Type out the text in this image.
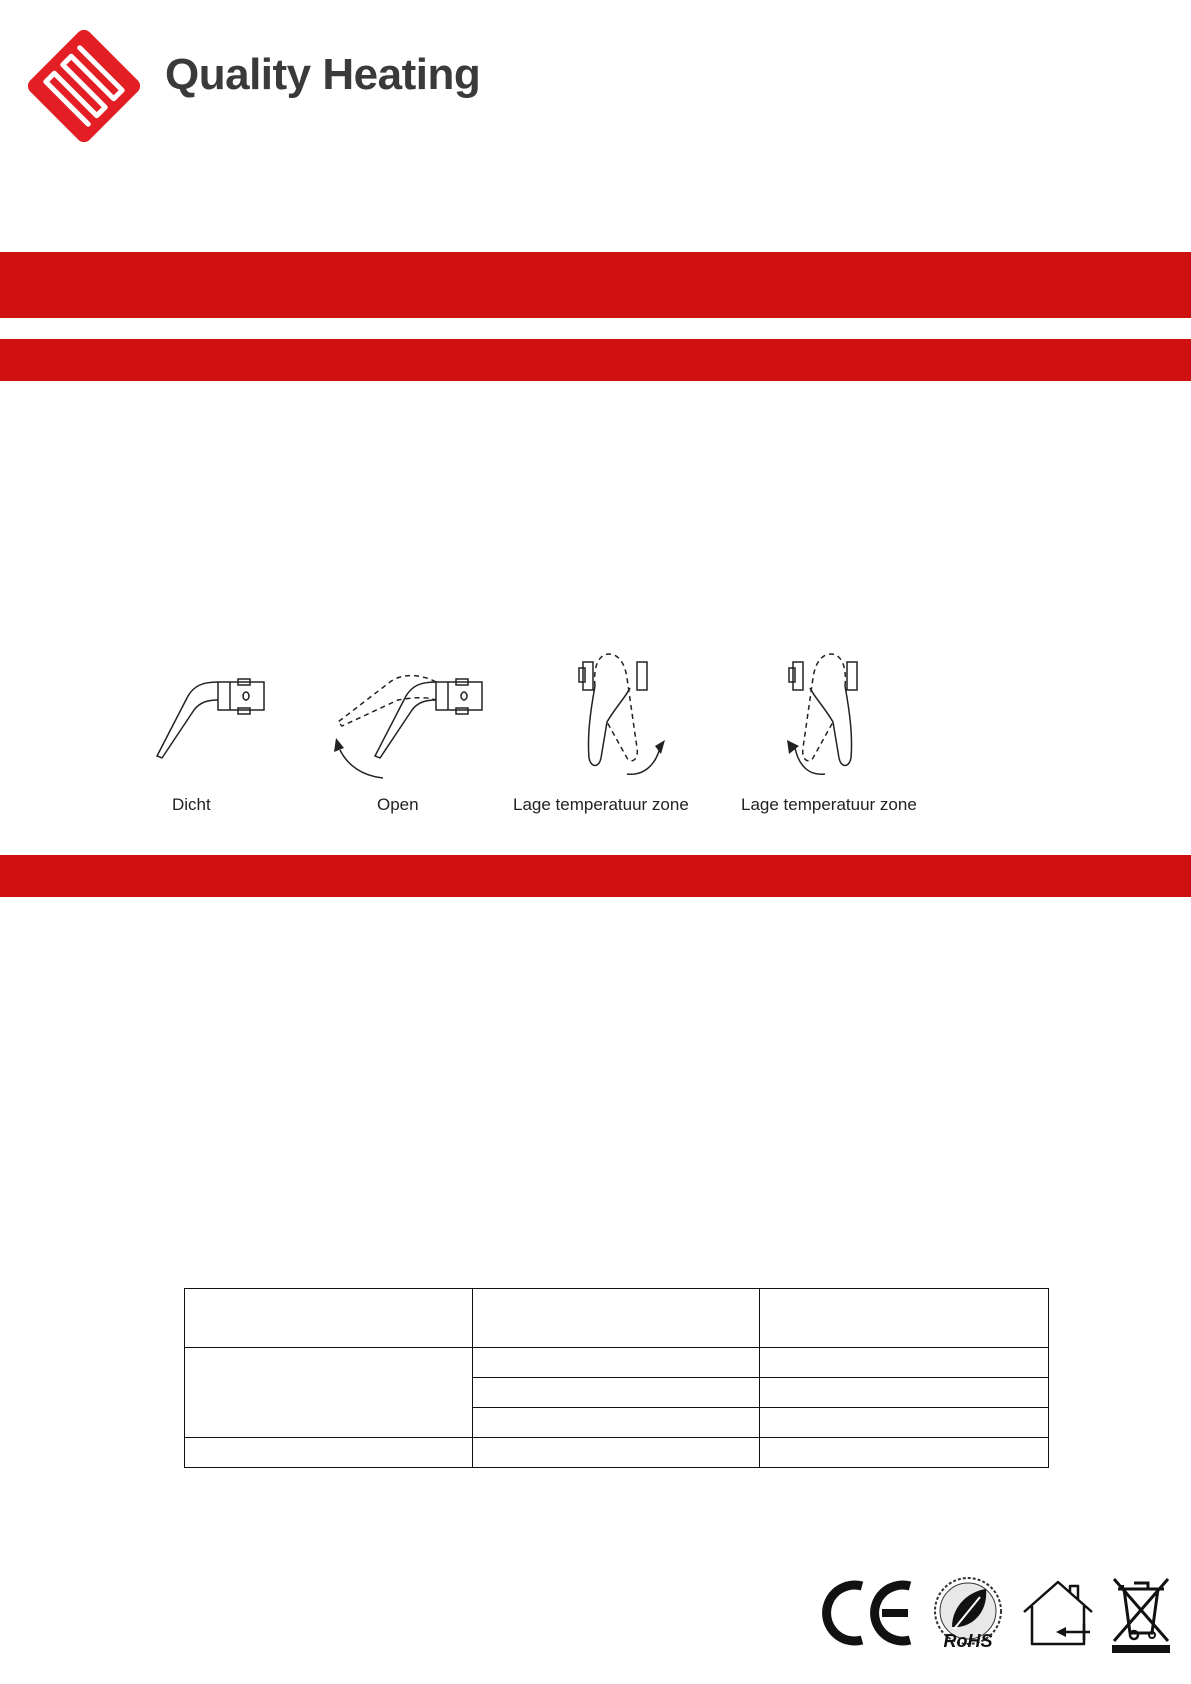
Quality Heating
Dicht	Open	Lage temperatuur zone	Lage temperatuur zone

RoHS
